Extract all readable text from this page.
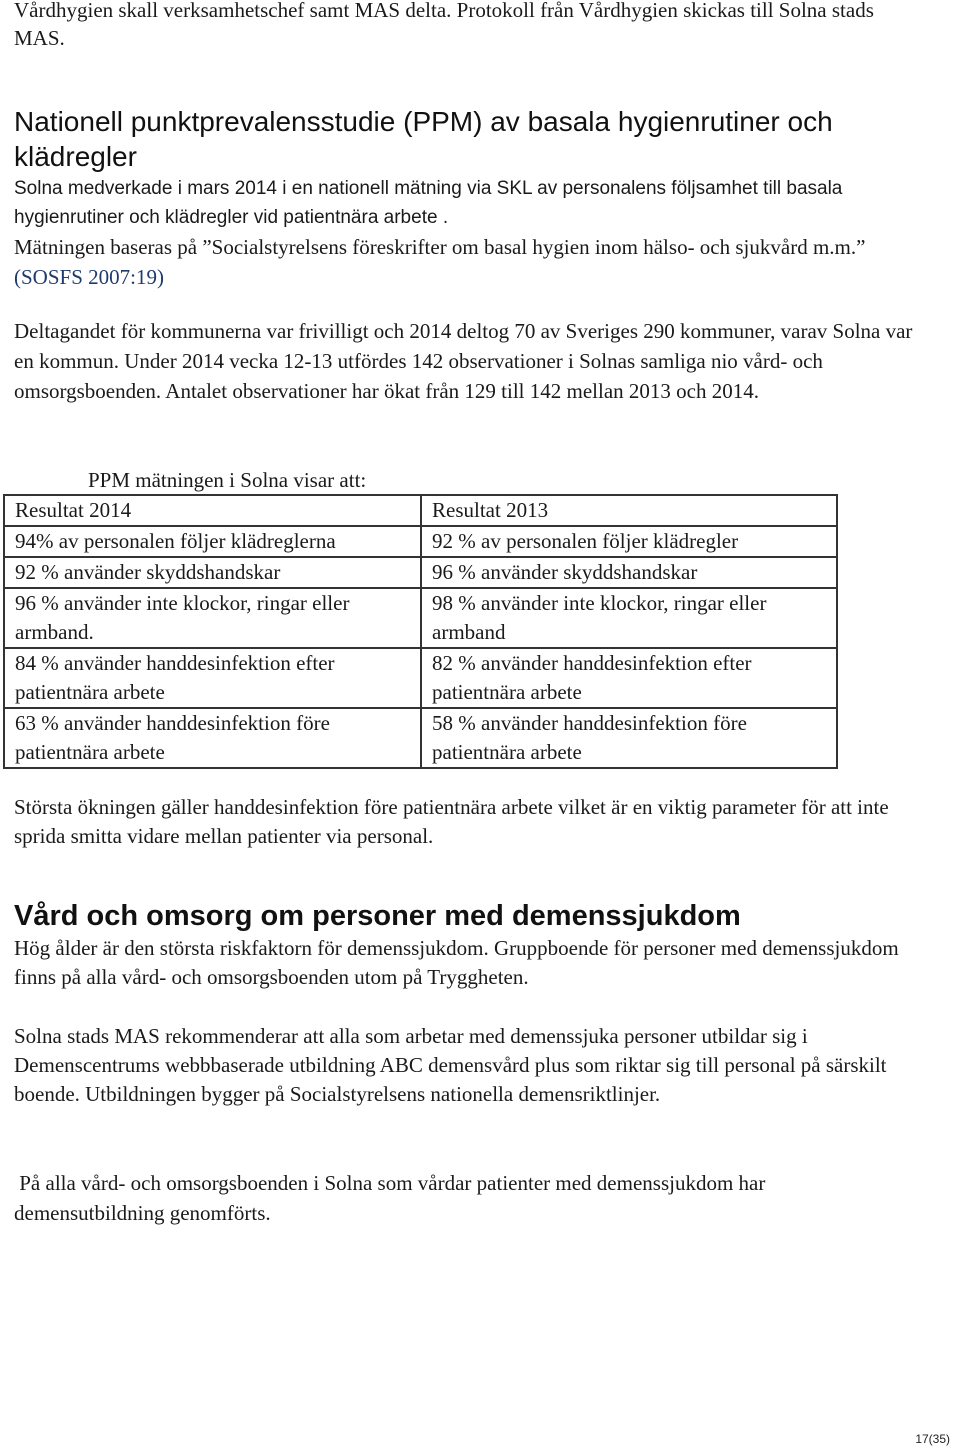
Vårdhygien skall verksamhetschef samt MAS delta. Protokoll från Vårdhygien skickas till Solna stads MAS.

Nationell punktprevalensstudie (PPM) av basala hygienrutiner och klädregler

Solna medverkade i mars 2014 i en nationell mätning via SKL av personalens följsamhet till basala hygienrutiner och klädregler vid patientnära arbete .

Mätningen baseras på ”Socialstyrelsens föreskrifter om basal hygien inom hälso- och sjukvård m.m.” (SOSFS 2007:19)

Deltagandet för kommunerna var frivilligt och 2014 deltog 70 av Sveriges 290 kommuner, varav Solna var en kommun. Under 2014 vecka 12-13 utfördes 142 observationer i Solnas samliga nio vård- och omsorgsboenden. Antalet observationer har ökat från 129 till 142 mellan 2013 och 2014.

PPM mätningen i Solna visar att:

Resultat 2014	Resultat 2013
94% av personalen följer klädreglerna	92 % av personalen följer klädregler
92 % använder skyddshandskar	96 % använder skyddshandskar
96 % använder inte klockor, ringar eller armband.	98 % använder inte klockor, ringar eller armband
84 % använder handdesinfektion efter patientnära arbete	82 % använder handdesinfektion efter patientnära arbete
63 % använder handdesinfektion före patientnära arbete	58 % använder handdesinfektion före patientnära arbete

Största ökningen gäller handdesinfektion före patientnära arbete vilket är en viktig parameter för att inte sprida smitta vidare mellan patienter via personal.

Vård och omsorg om personer med demenssjukdom

Hög ålder är den största riskfaktorn för demenssjukdom. Gruppboende för personer med demenssjukdom finns på alla vård- och omsorgsboenden utom på Tryggheten.

Solna stads MAS rekommenderar att alla som arbetar med demenssjuka personer utbildar sig i Demenscentrums webbbaserade utbildning ABC demensvård plus som riktar sig till personal på särskilt boende. Utbildningen bygger på Socialstyrelsens nationella demensriktlinjer.

På alla vård- och omsorgsboenden i Solna som vårdar patienter med demenssjukdom har demensutbildning genomförts.

17(35)
